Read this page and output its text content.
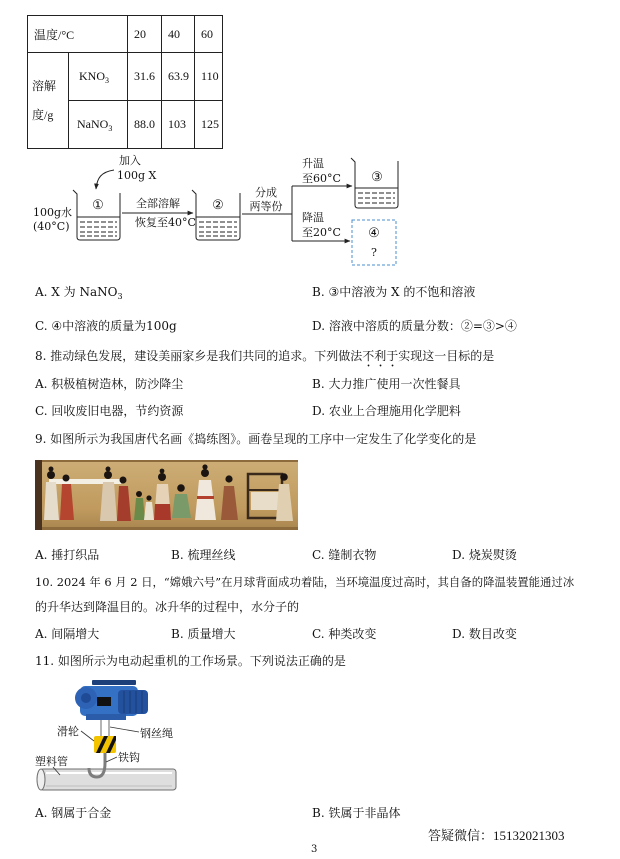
温度/°C		20	40	60

溶解
度/g	$KNO_3$	31.6	63.9	110
	NaNO$_3$	88.0	103	125
加入
100g X
100g水
(40°C)
①	全部溶解
恢复至40°C
②
分成
两等份
升温
至60°C
降温
至20°C
③
④
?
A. X 为 NaNO$_3$	B. ③中溶液为 X 的不饱和溶液
C. ④中溶液的质量为100g	D. 溶液中溶质的质量分数：②=③>④
8. 推动绿色发展，建设美丽家乡是我们共同的追求。下列做法不利于实现这一目标的是
A. 积极植树造林，防沙降尘	B. 大力推广使用一次性餐具
C. 回收废旧电器，节约资源	D. 农业上合理施用化学肥料
9. 如图所示为我国唐代名画《捣练图》。画卷呈现的工序中一定发生了化学变化的是
A. 捶打织品	B. 梳理丝线	C. 缝制衣物	D. 烧炭熨烫
10. 2024 年 6 月 2 日，“嫦娥六号”在月球背面成功着陆，当环境温度过高时，其自备的降温装置能通过冰
的升华达到降温目的。冰升华的过程中，水分子的
A. 间隔增大	B. 质量增大	C. 种类改变	D. 数目改变
11. 如图所示为电动起重机的工作场景。下列说法正确的是
滑轮	钢丝绳
铁钩
塑料管
A. 钢属于合金	B. 铁属于非晶体
答疑微信：15132021303
3
